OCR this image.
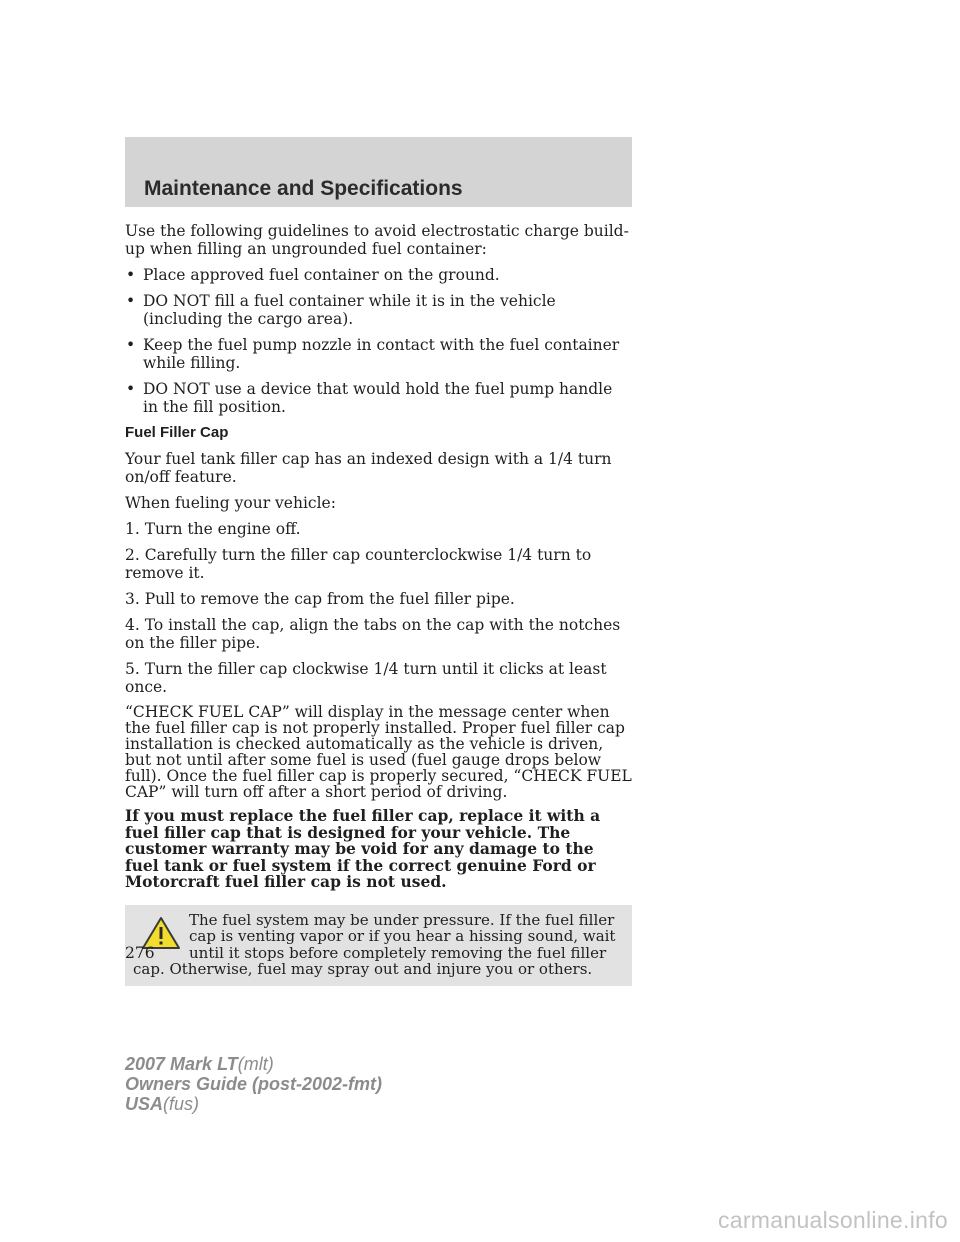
Maintenance and Specifications

Use the following guidelines to avoid electrostatic charge build-up when filling an ungrounded fuel container:

• Place approved fuel container on the ground.
• DO NOT fill a fuel container while it is in the vehicle (including the cargo area).
• Keep the fuel pump nozzle in contact with the fuel container while filling.
• DO NOT use a device that would hold the fuel pump handle in the fill position.
Fuel Filler Cap

Your fuel tank filler cap has an indexed design with a 1/4 turn on/off feature.

When fueling your vehicle:

1. Turn the engine off.

2. Carefully turn the filler cap counterclockwise 1/4 turn to remove it.

3. Pull to remove the cap from the fuel filler pipe.

4. To install the cap, align the tabs on the cap with the notches on the filler pipe.

5. Turn the filler cap clockwise 1/4 turn until it clicks at least once.

“CHECK FUEL CAP” will display in the message center when the fuel filler cap is not properly installed. Proper fuel filler cap installation is checked automatically as the vehicle is driven, but not until after some fuel is used (fuel gauge drops below full). Once the fuel filler cap is properly secured, “CHECK FUEL CAP” will turn off after a short period of driving.

If you must replace the fuel filler cap, replace it with a fuel filler cap that is designed for your vehicle. The customer warranty may be void for any damage to the fuel tank or fuel system if the correct genuine Ford or Motorcraft fuel filler cap is not used.

The fuel system may be under pressure. If the fuel filler cap is venting vapor or if you hear a hissing sound, wait until it stops before completely removing the fuel filler cap. Otherwise, fuel may spray out and injure you or others.
276
2007 Mark LT(mlt)
Owners Guide (post-2002-fmt)
USA(fus)
carmanualsonline.info
